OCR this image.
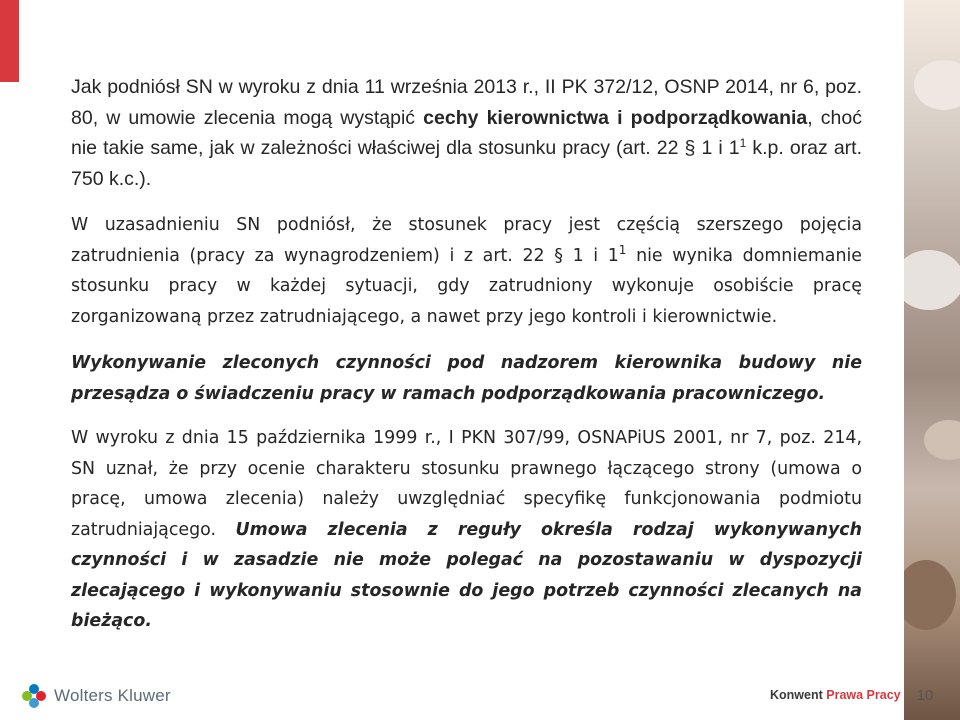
Jak podniósł SN w wyroku z dnia 11 września 2013 r., II PK 372/12, OSNP 2014, nr 6, poz. 80, w umowie zlecenia mogą wystąpić cechy kierownictwa i podporządkowania, choć nie takie same, jak w zależności właściwej dla stosunku pracy (art. 22 § 1 i $1^1$ k.p. oraz art. 750 k.c.).

W uzasadnieniu SN podniósł, że stosunek pracy jest częścią szerszego pojęcia zatrudnienia (pracy za wynagrodzeniem) i z art. 22 § 1 i $1^1$ nie wynika domniemanie stosunku pracy w każdej sytuacji, gdy zatrudniony wykonuje osobiście pracę zorganizowaną przez zatrudniającego, a nawet przy jego kontroli i kierownictwie.

Wykonywanie zleconych czynności pod nadzorem kierownika budowy nie przesądza o świadczeniu pracy w ramach podporządkowania pracowniczego.

W wyroku z dnia 15 października 1999 r., I PKN 307/99, OSNAPiUS 2001, nr 7, poz. 214, SN uznał, że przy ocenie charakteru stosunku prawnego łączącego strony (umowa o pracę, umowa zlecenia) należy uwzględniać specyfikę funkcjonowania podmiotu zatrudniającego. Umowa zlecenia z reguły określa rodzaj wykonywanych czynności i w zasadzie nie może polegać na pozostawaniu w dyspozycji zlecającego i wykonywaniu stosownie do jego potrzeb czynności zlecanych na bieżąco.

Wolters Kluwer	Konwent Prawa Pracy	10
